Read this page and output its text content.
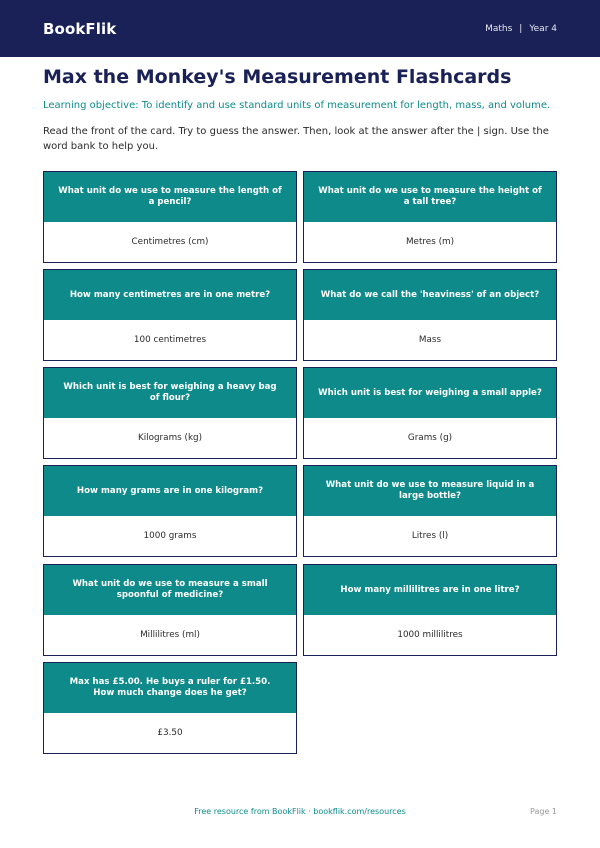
BookFlik	Maths | Year 4
Max the Monkey's Measurement Flashcards

Learning objective: To identify and use standard units of measurement for length, mass, and volume.

Read the front of the card. Try to guess the answer. Then, look at the answer after the | sign. Use the word bank to help you.

What unit do we use to measure the length of a pencil?
Centimetres (cm)
What unit do we use to measure the height of a tall tree?
Metres (m)
How many centimetres are in one metre?
100 centimetres
What do we call the 'heaviness' of an object?
Mass
Which unit is best for weighing a heavy bag of flour?
Kilograms (kg)
Which unit is best for weighing a small apple?
Grams (g)
How many grams are in one kilogram?
1000 grams
What unit do we use to measure liquid in a large bottle?
Litres (l)
What unit do we use to measure a small spoonful of medicine?
Millilitres (ml)
How many millilitres are in one litre?
1000 millilitres
Max has £5.00. He buys a ruler for £1.50. How much change does he get?
£3.50
Free resource from BookFlik · bookflik.com/resources	Page 1
